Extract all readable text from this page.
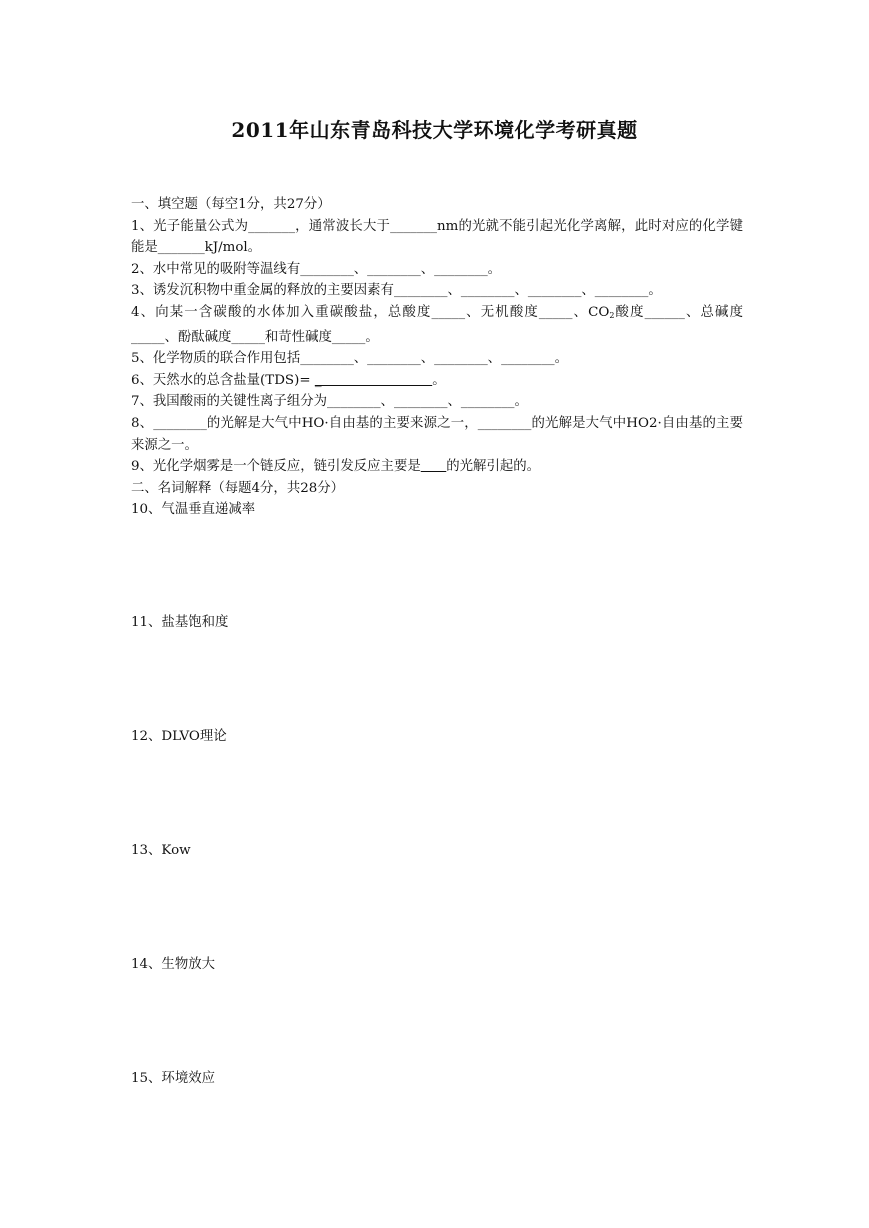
2011年山东青岛科技大学环境化学考研真题
一、填空题（每空1分，共27分）
1、光子能量公式为_______，通常波长大于_______nm的光就不能引起光化学离解，此时对应的化学键能是_______kJ/mol。
2、水中常见的吸附等温线有________、________、________。
3、诱发沉积物中重金属的释放的主要因素有________、________、________、________。
4、向某一含碳酸的水体加入重碳酸盐，总酸度_____、无机酸度_____、$CO_2$酸度______、总碱度_____、酚酞碱度_____和苛性碱度_____。
5、化学物质的联合作用包括________、________、________、________。
6、天然水的总含盐量(TDS)= _                          。
7、我国酸雨的关键性离子组分为________、________、________。
8、________的光解是大气中HO·自由基的主要来源之一，________的光解是大气中HO2·自由基的主要来源之一。
9、光化学烟雾是一个链反应，链引发反应主要是 的光解引起的。
二、名词解释（每题4分，共28分）
10、气温垂直递减率
11、盐基饱和度
12、DLVO理论
13、Kow
14、生物放大
15、环境效应
